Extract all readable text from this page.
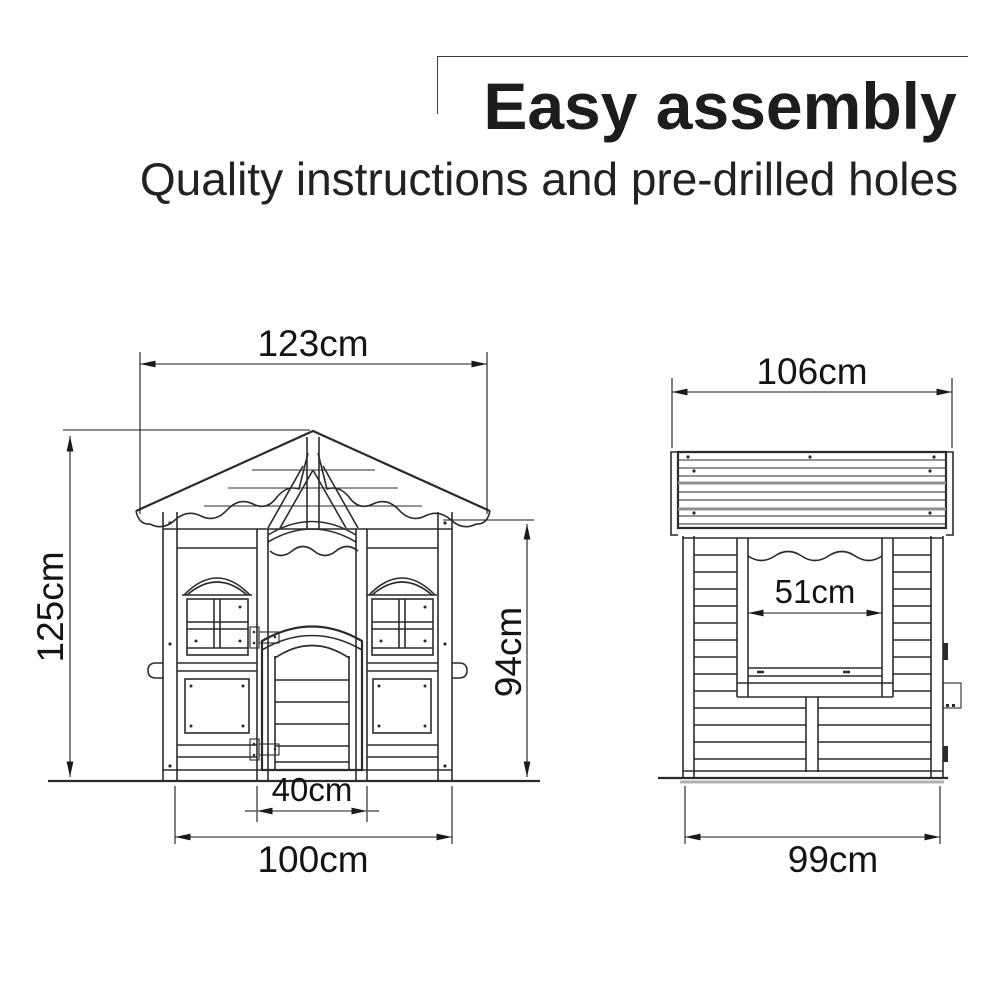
Easy assembly
Quality instructions and pre-drilled holes
123cm
125cm	94cm
40cm
100cm
106cm
51cm
99cm
